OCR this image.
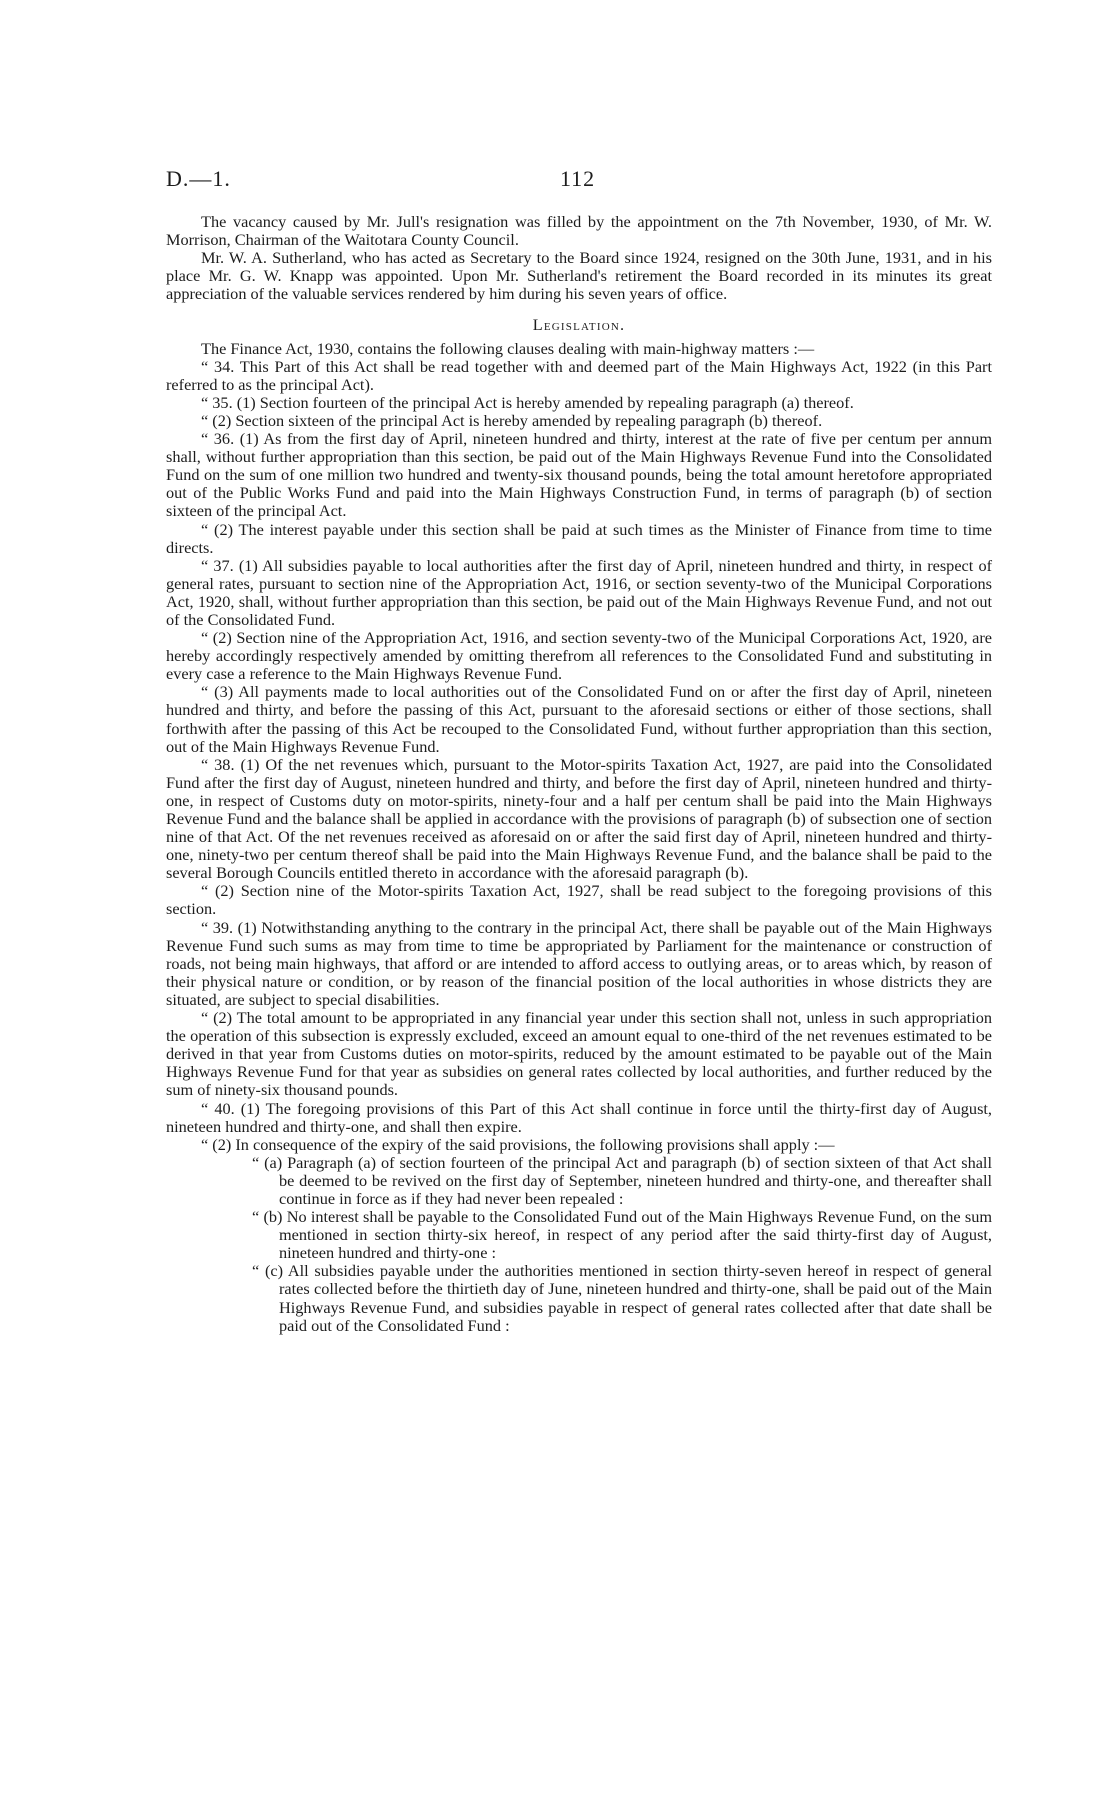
D.—1.	112

The vacancy caused by Mr. Jull's resignation was filled by the appointment on the 7th November, 1930, of Mr. W. Morrison, Chairman of the Waitotara County Council.

Mr. W. A. Sutherland, who has acted as Secretary to the Board since 1924, resigned on the 30th June, 1931, and in his place Mr. G. W. Knapp was appointed. Upon Mr. Sutherland's retirement the Board recorded in its minutes its great appreciation of the valuable services rendered by him during his seven years of office.

Legislation.

The Finance Act, 1930, contains the following clauses dealing with main-highway matters :—

“ 34. This Part of this Act shall be read together with and deemed part of the Main Highways Act, 1922 (in this Part referred to as the principal Act).

“ 35. (1) Section fourteen of the principal Act is hereby amended by repealing paragraph (a) thereof.

“ (2) Section sixteen of the principal Act is hereby amended by repealing paragraph (b) thereof.

“ 36. (1) As from the first day of April, nineteen hundred and thirty, interest at the rate of five per centum per annum shall, without further appropriation than this section, be paid out of the Main Highways Revenue Fund into the Consolidated Fund on the sum of one million two hundred and twenty-six thousand pounds, being the total amount heretofore appropriated out of the Public Works Fund and paid into the Main Highways Construction Fund, in terms of paragraph (b) of section sixteen of the principal Act.

“ (2) The interest payable under this section shall be paid at such times as the Minister of Finance from time to time directs.

“ 37. (1) All subsidies payable to local authorities after the first day of April, nineteen hundred and thirty, in respect of general rates, pursuant to section nine of the Appropriation Act, 1916, or section seventy-two of the Municipal Corporations Act, 1920, shall, without further appropriation than this section, be paid out of the Main Highways Revenue Fund, and not out of the Consolidated Fund.

“ (2) Section nine of the Appropriation Act, 1916, and section seventy-two of the Municipal Corporations Act, 1920, are hereby accordingly respectively amended by omitting therefrom all references to the Consolidated Fund and substituting in every case a reference to the Main Highways Revenue Fund.

“ (3) All payments made to local authorities out of the Consolidated Fund on or after the first day of April, nineteen hundred and thirty, and before the passing of this Act, pursuant to the aforesaid sections or either of those sections, shall forthwith after the passing of this Act be recouped to the Consolidated Fund, without further appropriation than this section, out of the Main Highways Revenue Fund.

“ 38. (1) Of the net revenues which, pursuant to the Motor-spirits Taxation Act, 1927, are paid into the Consolidated Fund after the first day of August, nineteen hundred and thirty, and before the first day of April, nineteen hundred and thirty-one, in respect of Customs duty on motor-spirits, ninety-four and a half per centum shall be paid into the Main Highways Revenue Fund and the balance shall be applied in accordance with the provisions of paragraph (b) of subsection one of section nine of that Act. Of the net revenues received as aforesaid on or after the said first day of April, nineteen hundred and thirty-one, ninety-two per centum thereof shall be paid into the Main Highways Revenue Fund, and the balance shall be paid to the several Borough Councils entitled thereto in accordance with the aforesaid paragraph (b).

“ (2) Section nine of the Motor-spirits Taxation Act, 1927, shall be read subject to the foregoing provisions of this section.

“ 39. (1) Notwithstanding anything to the contrary in the principal Act, there shall be payable out of the Main Highways Revenue Fund such sums as may from time to time be appropriated by Parliament for the maintenance or construction of roads, not being main highways, that afford or are intended to afford access to outlying areas, or to areas which, by reason of their physical nature or condition, or by reason of the financial position of the local authorities in whose districts they are situated, are subject to special disabilities.

“ (2) The total amount to be appropriated in any financial year under this section shall not, unless in such appropriation the operation of this subsection is expressly excluded, exceed an amount equal to one-third of the net revenues estimated to be derived in that year from Customs duties on motor-spirits, reduced by the amount estimated to be payable out of the Main Highways Revenue Fund for that year as subsidies on general rates collected by local authorities, and further reduced by the sum of ninety-six thousand pounds.

“ 40. (1) The foregoing provisions of this Part of this Act shall continue in force until the thirty-first day of August, nineteen hundred and thirty-one, and shall then expire.

“ (2) In consequence of the expiry of the said provisions, the following provisions shall apply :—

“ (a) Paragraph (a) of section fourteen of the principal Act and paragraph (b) of section sixteen of that Act shall be deemed to be revived on the first day of September, nineteen hundred and thirty-one, and thereafter shall continue in force as if they had never been repealed :

“ (b) No interest shall be payable to the Consolidated Fund out of the Main Highways Revenue Fund, on the sum mentioned in section thirty-six hereof, in respect of any period after the said thirty-first day of August, nineteen hundred and thirty-one :

“ (c) All subsidies payable under the authorities mentioned in section thirty-seven hereof in respect of general rates collected before the thirtieth day of June, nineteen hundred and thirty-one, shall be paid out of the Main Highways Revenue Fund, and subsidies payable in respect of general rates collected after that date shall be paid out of the Consolidated Fund :
